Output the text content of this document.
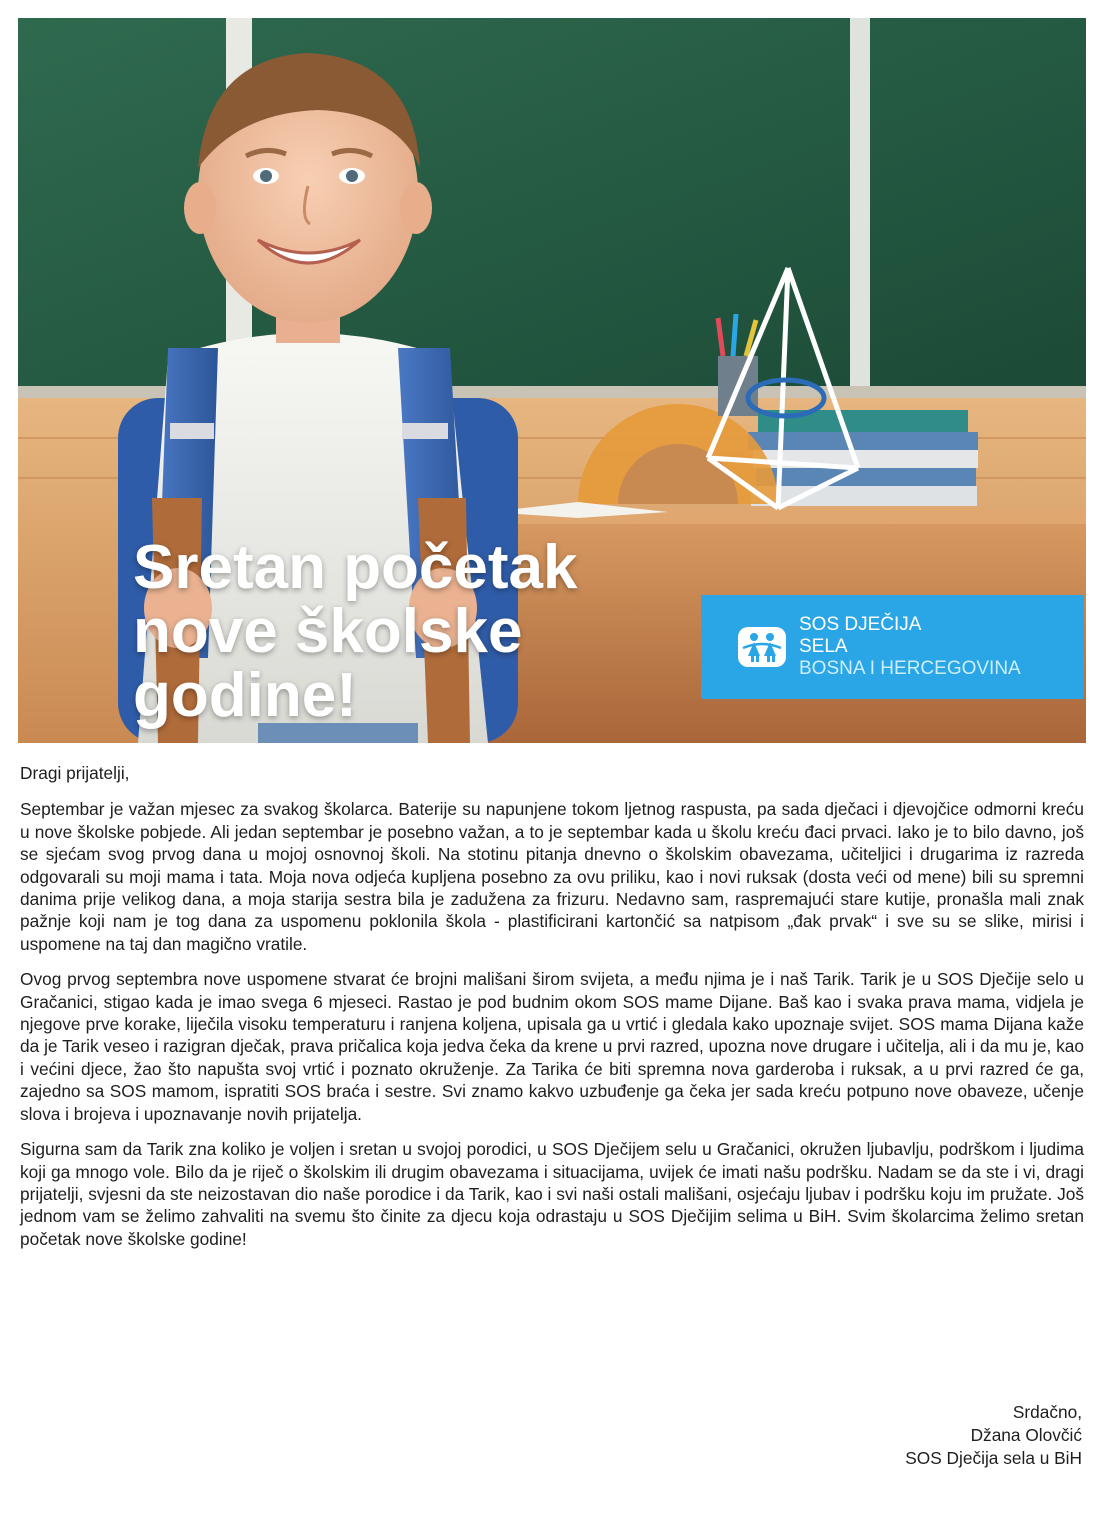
Sretan početak
nove školske
godine!
SOS DJEČIJA
SELA
BOSNA I HERCEGOVINA

Dragi prijatelji,

Septembar je važan mjesec za svakog školarca. Baterije su napunjene tokom ljetnog raspusta, pa sada dječaci i djevojčice odmorni kreću u nove školske pobjede. Ali jedan septembar je posebno važan, a to je septembar kada u školu kreću đaci prvaci. Iako je to bilo davno, još se sjećam svog prvog dana u mojoj osnovnoj školi. Na stotinu pitanja dnevno o školskim obavezama, učiteljici i drugarima iz razreda odgovarali su moji mama i tata. Moja nova odjeća kupljena posebno za ovu priliku, kao i novi ruksak (dosta veći od mene) bili su spremni danima prije velikog dana, a moja starija sestra bila je zadužena za frizuru. Nedavno sam, raspremajući stare kutije, pronašla mali znak pažnje koji nam je tog dana za uspomenu poklonila škola - plastificirani kartončić sa natpisom „đak prvak“ i sve su se slike, mirisi i uspomene na taj dan magično vratile.

Ovog prvog septembra nove uspomene stvarat će brojni mališani širom svijeta, a među njima je i naš Tarik. Tarik je u SOS Dječije selo u Gračanici, stigao kada je imao svega 6 mjeseci. Rastao je pod budnim okom SOS mame Dijane. Baš kao i svaka prava mama, vidjela je njegove prve korake, liječila visoku temperaturu i ranjena koljena, upisala ga u vrtić i gledala kako upoznaje svijet. SOS mama Dijana kaže da je Tarik veseo i razigran dječak, prava pričalica koja jedva čeka da krene u prvi razred, upozna nove drugare i učitelja, ali i da mu je, kao i većini djece, žao što napušta svoj vrtić i poznato okruženje. Za Tarika će biti spremna nova garderoba i ruksak, a u prvi razred će ga, zajedno sa SOS mamom, ispratiti SOS braća i sestre. Svi znamo kakvo uzbuđenje ga čeka jer sada kreću potpuno nove obaveze, učenje slova i brojeva i upoznavanje novih prijatelja.

Sigurna sam da Tarik zna koliko je voljen i sretan u svojoj porodici, u SOS Dječijem selu u Gračanici, okružen ljubavlju, podrškom i ljudima koji ga mnogo vole. Bilo da je riječ o školskim ili drugim obavezama i situacijama, uvijek će imati našu podršku. Nadam se da ste i vi, dragi prijatelji, svjesni da ste neizostavan dio naše porodice i da Tarik, kao i svi naši ostali mališani, osjećaju ljubav i podršku koju im pružate. Još jednom vam se želimo zahvaliti na svemu što činite za djecu koja odrastaju u SOS Dječijim selima u BiH. Svim školarcima želimo sretan početak nove školske godine!

Srdačno,
Džana Olovčić
SOS Dječija sela u BiH
